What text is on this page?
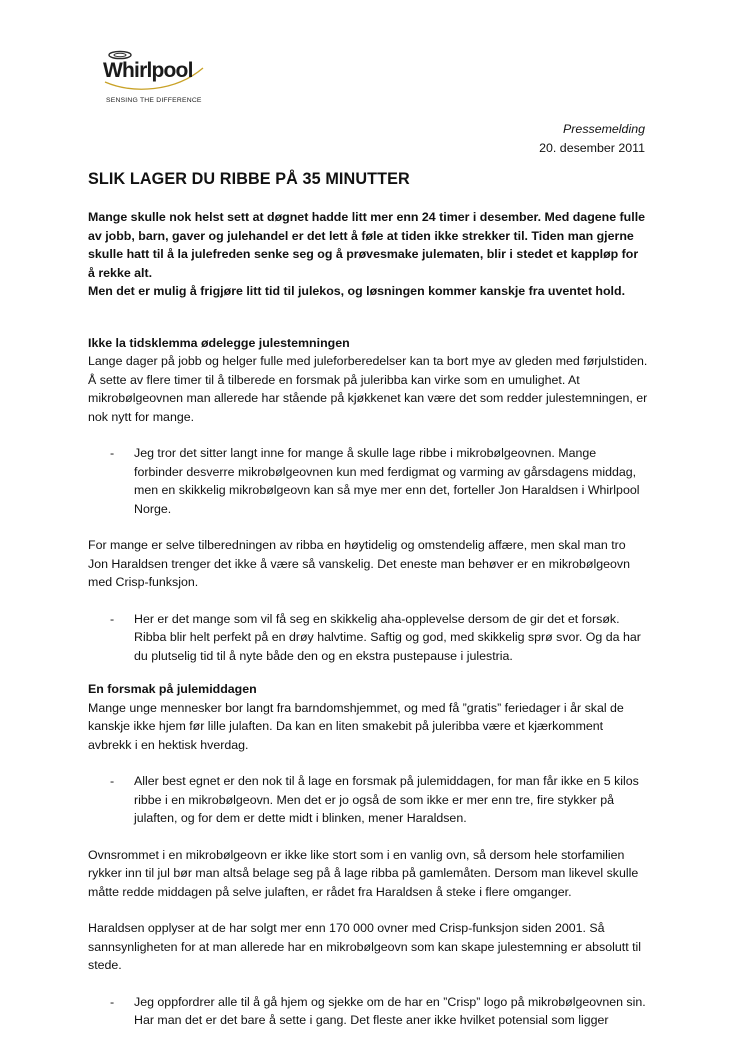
Whirlpool
SENSING THE DIFFERENCE
Pressemelding
20. desember 2011
SLIK LAGER DU RIBBE PÅ 35 MINUTTER

Mange skulle nok helst sett at døgnet hadde litt mer enn 24 timer i desember. Med dagene fulle av jobb, barn, gaver og julehandel er det lett å føle at tiden ikke strekker til. Tiden man gjerne skulle hatt til å la julefreden senke seg og å prøvesmake julematen, blir i stedet et kappløp for å rekke alt.

Men det er mulig å frigjøre litt tid til julekos, og løsningen kommer kanskje fra uventet hold.

Ikke la tidsklemma ødelegge julestemningen

Lange dager på jobb og helger fulle med juleforberedelser kan ta bort mye av gleden med førjulstiden. Å sette av flere timer til å tilberede en forsmak på juleribba kan virke som en umulighet. At mikrobølgeovnen man allerede har stående på kjøkkenet kan være det som redder julestemningen, er nok nytt for mange.

- Jeg tror det sitter langt inne for mange å skulle lage ribbe i mikrobølgeovnen. Mange forbinder desverre mikrobølgeovnen kun med ferdigmat og varming av gårsdagens middag, men en skikkelig mikrobølgeovn kan så mye mer enn det, forteller Jon Haraldsen i Whirlpool Norge.

For mange er selve tilberedningen av ribba en høytidelig og omstendelig affære, men skal man tro Jon Haraldsen trenger det ikke å være så vanskelig. Det eneste man behøver er en mikrobølgeovn med Crisp-funksjon.

- Her er det mange som vil få seg en skikkelig aha-opplevelse dersom de gir det et forsøk. Ribba blir helt perfekt på en drøy halvtime. Saftig og god, med skikkelig sprø svor. Og da har du plutselig tid til å nyte både den og en ekstra pustepause i julestria.

En forsmak på julemiddagen

Mange unge mennesker bor langt fra barndomshjemmet, og med få ”gratis” feriedager i år skal de kanskje ikke hjem før lille julaften. Da kan en liten smakebit på juleribba være et kjærkomment avbrekk i en hektisk hverdag.

- Aller best egnet er den nok til å lage en forsmak på julemiddagen, for man får ikke en 5 kilos ribbe i en mikrobølgeovn. Men det er jo også de som ikke er mer enn tre, fire stykker på julaften, og for dem er dette midt i blinken, mener Haraldsen.

Ovnsrommet i en mikrobølgeovn er ikke like stort som i en vanlig ovn, så dersom hele storfamilien rykker inn til jul bør man altså belage seg på å lage ribba på gamlemåten. Dersom man likevel skulle måtte redde middagen på selve julaften, er rådet fra Haraldsen å steke i flere omganger.

Haraldsen opplyser at de har solgt mer enn 170 000 ovner med Crisp-funksjon siden 2001. Så sannsynligheten for at man allerede har en mikrobølgeovn som kan skape julestemning er absolutt til stede.

- Jeg oppfordrer alle til å gå hjem og sjekke om de har en ”Crisp” logo på mikrobølgeovnen sin. Har man det er det bare å sette i gang. Det fleste aner ikke hvilket potensial som ligger
